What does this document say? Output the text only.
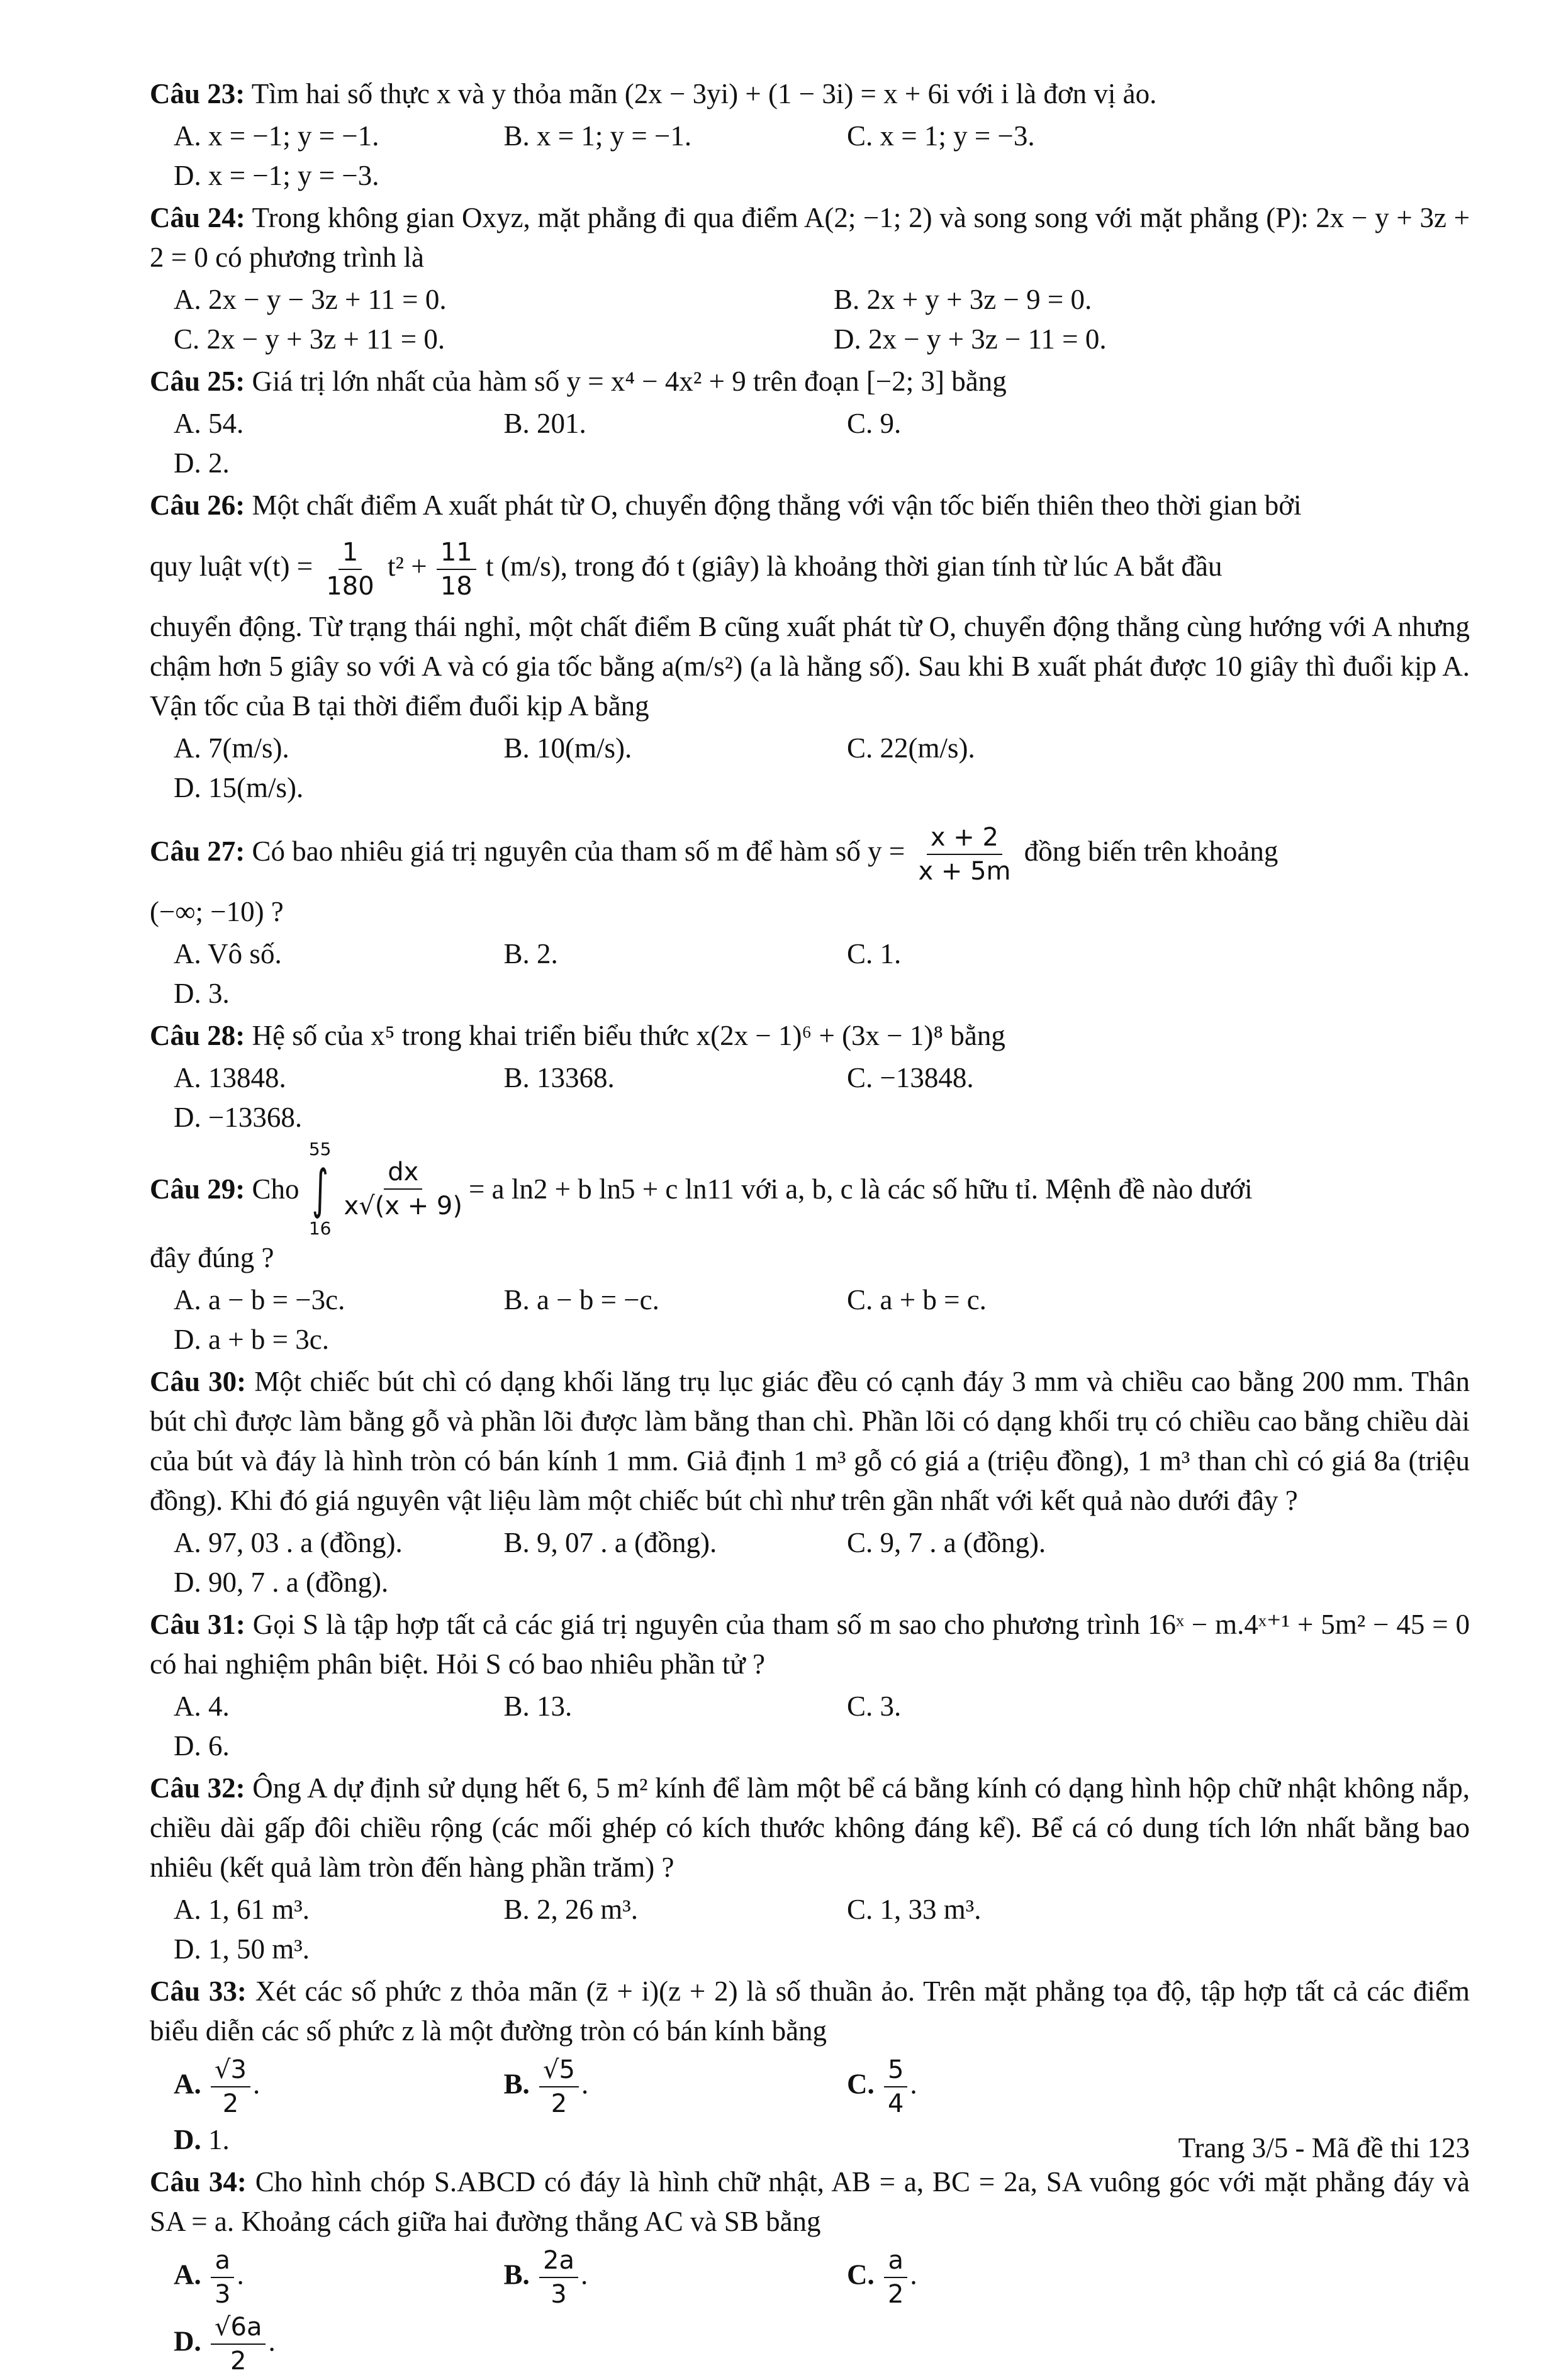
Câu 23: Tìm hai số thực x và y thỏa mãn (2x − 3yi) + (1 − 3i) = x + 6i với i là đơn vị ảo.
A. x = −1; y = −1.	B. x = 1; y = −1.	C. x = 1; y = −3.
D. x = −1; y = −3.
Câu 24: Trong không gian Oxyz, mặt phẳng đi qua điểm A(2; −1; 2) và song song với mặt phẳng (P): 2x − y + 3z + 2 = 0 có phương trình là
A. 2x − y − 3z + 11 = 0.	B. 2x + y + 3z − 9 = 0.
C. 2x − y + 3z + 11 = 0.	D. 2x − y + 3z − 11 = 0.
Câu 25: Giá trị lớn nhất của hàm số y = x⁴ − 4x² + 9 trên đoạn [−2; 3] bằng
A. 54.	B. 201.	C. 9.
D. 2.
Câu 26: Một chất điểm A xuất phát từ O, chuyển động thẳng với vận tốc biến thiên theo thời gian bởi
quy luật $v(t) = \frac{1}{180} t^2 + \frac{11}{18}$ t (m/s), trong đó t (giây) là khoảng thời gian tính từ lúc A bắt đầu
chuyển động. Từ trạng thái nghỉ, một chất điểm B cũng xuất phát từ O, chuyển động thẳng cùng hướng với A nhưng chậm hơn 5 giây so với A và có gia tốc bằng a(m/s²) (a là hằng số). Sau khi B xuất phát được 10 giây thì đuổi kịp A. Vận tốc của B tại thời điểm đuổi kịp A bằng
A. 7(m/s).	B. 10(m/s).	C. 22(m/s).
D. 15(m/s).
Câu 27: Có bao nhiêu giá trị nguyên của tham số m để hàm số $y = \frac{x + 2}{x + 5m}$ đồng biến trên khoảng
(−∞; −10) ?
A. Vô số.	B. 2.	C. 1.
D. 3.
Câu 28: Hệ số của x⁵ trong khai triển biểu thức x(2x − 1)⁶ + (3x − 1)⁸ bằng
A. 13848.	B. 13368.	C. −13848.
D. −13368.
Câu 29:
Cho

55
∫
16
$\frac{dx}{x√(x + 9)} = a$ ln2 + b ln5 + c ln11 với a, b, c là các số hữu tỉ. Mệnh đề nào dưới
đây đúng ?
A. a − b = −3c.	B. a − b = −c.	C. a + b = c.
D. a + b = 3c.
Câu 30: Một chiếc bút chì có dạng khối lăng trụ lục giác đều có cạnh đáy 3 mm và chiều cao bằng 200 mm. Thân bút chì được làm bằng gỗ và phần lõi được làm bằng than chì. Phần lõi có dạng khối trụ có chiều cao bằng chiều dài của bút và đáy là hình tròn có bán kính 1 mm. Giả định 1 m³ gỗ có giá a (triệu đồng), 1 m³ than chì có giá 8a (triệu đồng). Khi đó giá nguyên vật liệu làm một chiếc bút chì như trên gần nhất với kết quả nào dưới đây ?
A. 97, 03 . a (đồng).	B. 9, 07 . a (đồng).	C. 9, 7 . a (đồng).
D. 90, 7 . a (đồng).
Câu 31: Gọi S là tập hợp tất cả các giá trị nguyên của tham số m sao cho phương trình 16ˣ − m.4ˣ⁺¹ + 5m² − 45 = 0 có hai nghiệm phân biệt. Hỏi S có bao nhiêu phần tử ?
A. 4.	B. 13.	C. 3.
D. 6.
Câu 32: Ông A dự định sử dụng hết 6, 5 m² kính để làm một bể cá bằng kính có dạng hình hộp chữ nhật không nắp, chiều dài gấp đôi chiều rộng (các mối ghép có kích thước không đáng kể). Bể cá có dung tích lớn nhất bằng bao nhiêu (kết quả làm tròn đến hàng phần trăm) ?
A. 1, 61 m³.	B. 2, 26 m³.	C. 1, 33 m³.
D. 1, 50 m³.
Câu 33: Xét các số phức z thỏa mãn (z̄ + i)(z + 2) là số thuần ảo. Trên mặt phẳng tọa độ, tập hợp tất cả các điểm biểu diễn các số phức z là một đường tròn có bán kính bằng
A. $\frac{√3}{2}$ .	B. $\frac{√5}{2}$ .	C. $\frac{5}{4}$ .
D. 1.
Câu 34: Cho hình chóp S.ABCD có đáy là hình chữ nhật, AB = a, BC = 2a, SA vuông góc với mặt phẳng đáy và SA = a. Khoảng cách giữa hai đường thẳng AC và SB bằng
A. $\frac{a}{3}$ .	B. $\frac{2a}{3}$ .	C. $\frac{a}{2}$ .
D. $\frac{√6a}{2}$ .
Trang 3/5 - Mã đề thi 123
